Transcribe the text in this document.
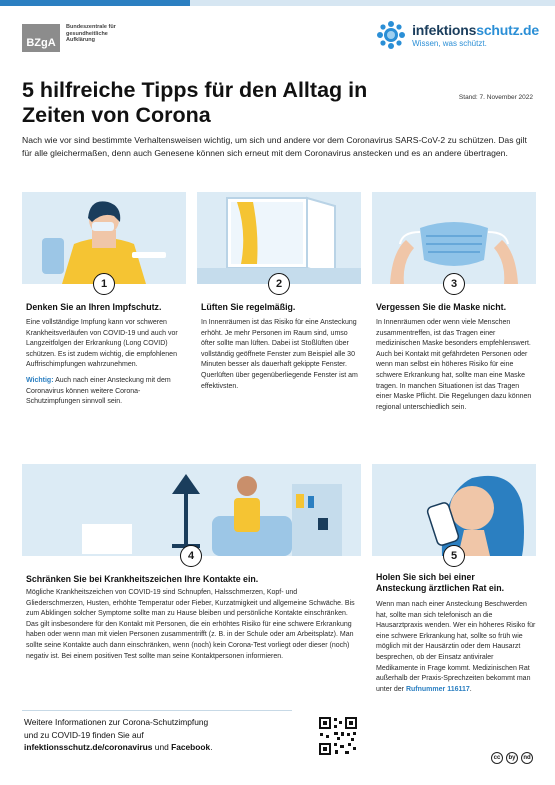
BZgA
Bundeszentrale für gesundheitliche Aufklärung
infektionsschutz.de
Wissen, was schützt.
5 hilfreiche Tipps für den Alltag in Zeiten von Corona
Stand: 7. November 2022
Nach wie vor sind bestimmte Verhaltensweisen wichtig, um sich und andere vor dem Coronavirus SARS-CoV-2 zu schützen. Das gilt für alle gleichermaßen, denn auch Genesene können sich erneut mit dem Coronavirus anstecken und es an andere übertragen.
1
Denken Sie an Ihren Impfschutz.
Eine vollständige Impfung kann vor schweren Krankheitsverläufen von COVID-19 und auch vor Langzeitfolgen der Erkrankung (Long COVID) schützen. Es ist zudem wichtig, die empfohlenen Auffrischimpfungen wahrzunehmen.
Wichtig: Auch nach einer Ansteckung mit dem Coronavirus können weitere Corona-Schutzimpfungen sinnvoll sein.
2
Lüften Sie regelmäßig.
In Innenräumen ist das Risiko für eine Ansteckung erhöht. Je mehr Personen im Raum sind, umso öfter sollte man lüften. Dabei ist Stoßlüften über vollständig geöffnete Fenster zum Beispiel alle 30 Minuten besser als dauerhaft gekippte Fenster. Querlüften über gegenüberliegende Fenster ist am effektivsten.
3
Vergessen Sie die Maske nicht.
In Innenräumen oder wenn viele Menschen zusammentreffen, ist das Tragen einer medizinischen Maske besonders empfehlenswert. Auch bei Kontakt mit gefährdeten Personen oder wenn man selbst ein höheres Risiko für eine schwere Erkrankung hat, sollte man eine Maske tragen. In manchen Situationen ist das Tragen einer Maske Pflicht. Die Regelungen dazu können regional unterschiedlich sein.
4
Schränken Sie bei Krankheitszeichen Ihre Kontakte ein.
Mögliche Krankheitszeichen von COVID-19 sind Schnupfen, Halsschmerzen, Kopf- und Gliederschmerzen, Husten, erhöhte Temperatur oder Fieber, Kurzatmigkeit und allgemeine Schwäche. Bis zum Abklingen solcher Symptome sollte man zu Hause bleiben und persönliche Kontakte einschränken. Das gilt insbesondere für den Kontakt mit Personen, die ein erhöhtes Risiko für eine schwere Erkrankung haben oder wenn man mit vielen Personen zusammentrifft (z. B. in der Schule oder am Arbeitsplatz). Man sollte seine Kontakte auch dann einschränken, wenn (noch) kein Corona-Test vorliegt oder dieser (noch) negativ ist. Bei einem positiven Test sollte man seine Kontaktpersonen informieren.
5
Holen Sie sich bei einer Ansteckung ärztlichen Rat ein.
Wenn man nach einer Ansteckung Beschwerden hat, sollte man sich telefonisch an die Hausarztpraxis wenden. Wer ein höheres Risiko für eine schwere Erkrankung hat, sollte so früh wie möglich mit der Hausärztin oder dem Hausarzt besprechen, ob der Einsatz antiviraler Medikamente in Frage kommt. Medizinischen Rat außerhalb der Praxis-Sprechzeiten bekommt man unter der Rufnummer 116117.
Weitere Informationen zur Corona-Schutzimpfung
und zu COVID-19 finden Sie auf
infektionsschutz.de/coronavirus und Facebook.
cc	by	nd
